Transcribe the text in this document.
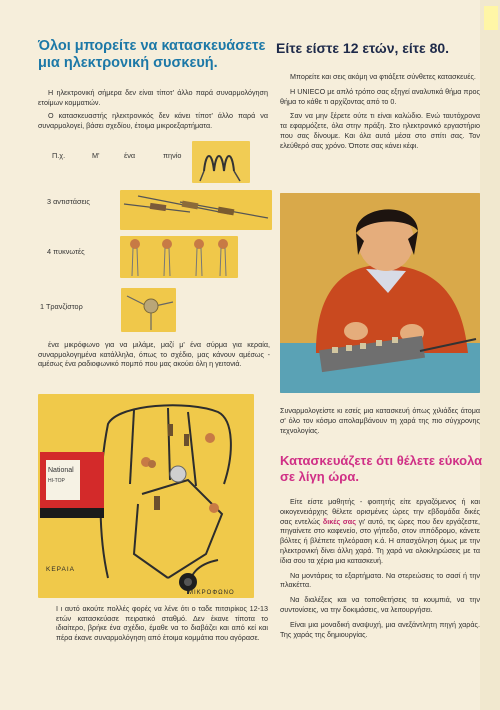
Όλοι μπορείτε να κατασκευάσετε
μια ηλεκτρονική συσκευή.

Η ηλεκτρονική σήμερα δεν είναι τίποτ' άλλο παρά συναρμολόγηση ετοίμων κομματιών.

Ο κατασκευαστής ηλεκτρονικός δεν κάνει τίποτ' άλλο παρά να συναρμολογεί, βάσει σχεδίου, έτοιμα μικροεξαρτήματα.

Π.χ.	Μ'	ένα	πηνίο
3 αντιστάσεις
4 πυκνωτές
1 Τρανζίστορ

ένα μικρόφωνο για να μιλάμε, μαζί μ' ένα σύρμα για κεραία, συναρμολογημένα κατάλληλα, όπως το σχέδιο, μας κάνουν αμέσως - αμέσως ένα ραδιοφωνικό πομπό που μας ακούει όλη η γειτονιά.

National
HI-TOP
ΚΕΡΑΙΑ
ΜΙΚΡΟΦΩΝΟ

Ι ι αυτό ακούτε πολλές φορές να λένε ότι ο ταδε πιτσιρίκος 12-13 ετών κατασκεύασε πειρατικό σταθμό. Δεν έκανε τίποτα το ιδιαίτερο, βρήκε ένα σχέδιο, έμαθε να το διαβάζει και από κεί και πέρα έκανε συναρμολόγηση από έτοιμα κομμάτια που αγόρασε.

Είτε είστε 12 ετών, είτε 80.

Μπορείτε και σεις ακόμη να φτιάξετε σύνθετες κατασκευές.

Η UNIECO με απλό τρόπο σας εξηγεί αναλυτικά θήμα προς θήμα το κάθε τι αρχίζοντας από το 0.

Σαν να μην ξέρετε ούτε τι είναι καλώδιο. Ενώ ταυτόχρονα τα εφαρμόζετε, όλα στην πράξη. Στο ηλεκτρονικό εργαστήριο που σας δίνουμε. Και όλα αυτά μέσα στο σπίτι σας. Τον ελεύθερό σας χρόνο. Όποτε σας κάνει κέφι.

Συναρμολογείστε κι εσείς μια κατασκευή όπως χιλιάδες άτομα σ' όλο τον κόσμο απολαμβάνουν τη χαρά της πιο σύγχρονης τεχνολογίας.

Κατασκευάζετε ότι θέλετε εύκολα
σε λίγη ώρα.

Είτε είστε μαθητής - φοιτητής είτε εργαζόμενος ή και οικογενειάρχης θέλετε ορισμένες ώρες την εβδομάδα δικές σας εντελώς δικές σας γι' αυτό, τις ώρες που δεν εργάζεστε, πηγαίνετε στο καφενείο, στο γήπεδο, στον ιππόδρομο, κάνετε βόλτες ή βλέπετε τηλεόραση κ.ά. Η απασχόληση όμως με την ηλεκτρονική δίνει άλλη χαρά. Τη χαρά να ολοκληρώσεις με τα ίδια σου τα χέρια μια κατασκευή.

Να μοντάρεις τα εξαρτήματα. Να στερεώσεις το σασί ή την πλακέττα.

Να διαλέξεις και να τοποθετήσεις τα κουμπιά, να την συντονίσεις, να την δοκιμάσεις, να λειτουργήσει.

Είναι μια μοναδική αναψυχή, μια ανεξάντλητη πηγή χαράς. Της χαράς της δημιουργίας.
